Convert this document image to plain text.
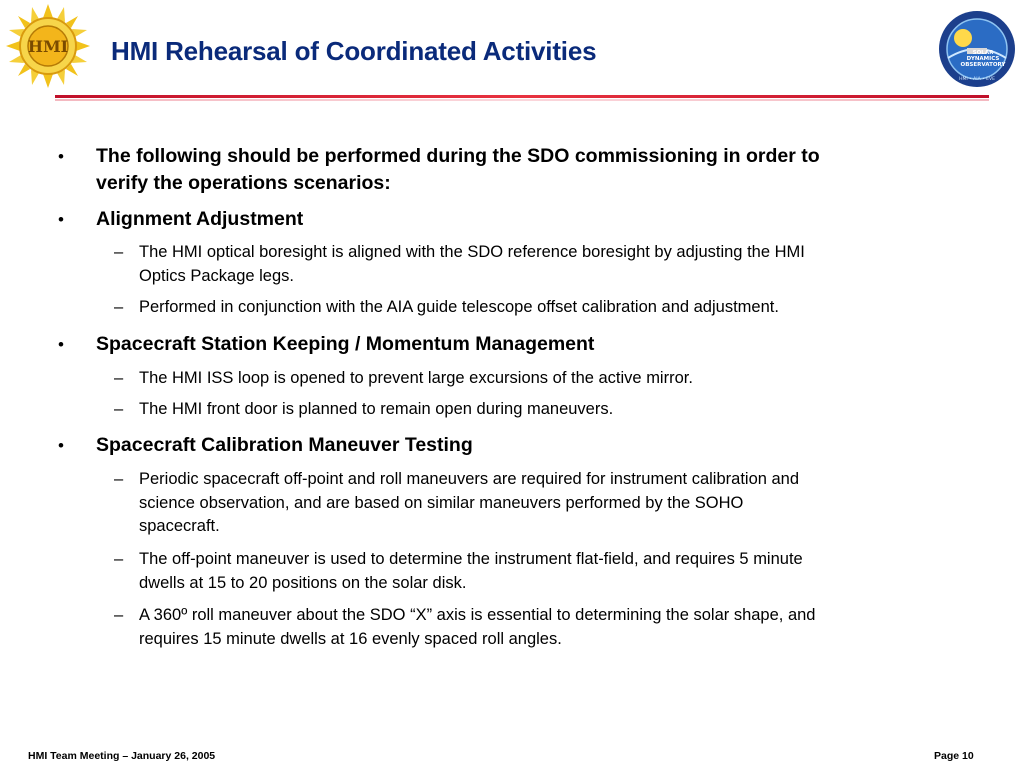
HMI HMI Rehearsal of Coordinated Activities	SOLAR
DYNAMICS
OBSERVATORY
HMI • AIA • EVE
• The following should be performed during the SDO commissioning in order to
verify the operations scenarios:
• Alignment Adjustment
– The HMI optical boresight is aligned with the SDO reference boresight by adjusting the HMI
Optics Package legs.
– Performed in conjunction with the AIA guide telescope offset calibration and adjustment.
• Spacecraft Station Keeping / Momentum Management
– The HMI ISS loop is opened to prevent large excursions of the active mirror.
– The HMI front door is planned to remain open during maneuvers.
• Spacecraft Calibration Maneuver Testing
– Periodic spacecraft off-point and roll maneuvers are required for instrument calibration and
science observation, and are based on similar maneuvers performed by the SOHO
spacecraft.
– The off-point maneuver is used to determine the instrument flat-field, and requires 5 minute
dwells at 15 to 20 positions on the solar disk.
– A 360º roll maneuver about the SDO “X” axis is essential to determining the solar shape, and
requires 15 minute dwells at 16 evenly spaced roll angles.
HMI Team Meeting – January 26, 2005	Page 10
